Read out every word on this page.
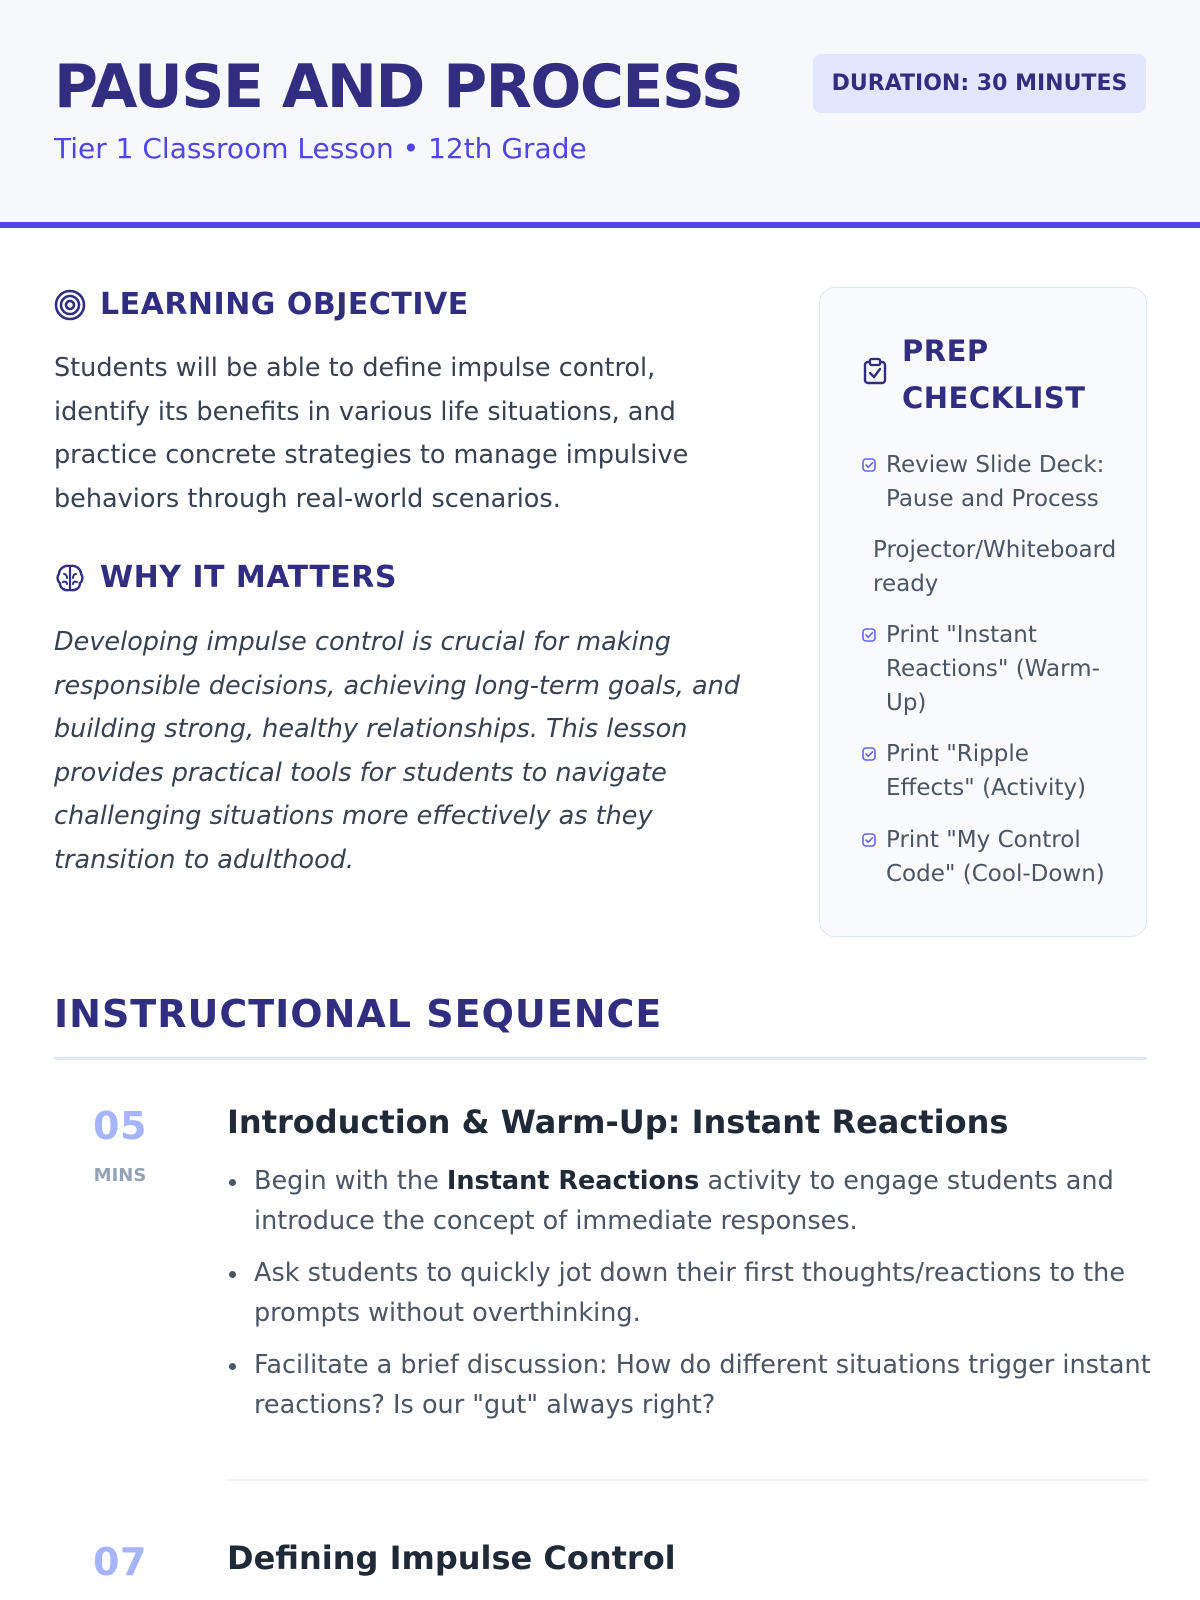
PAUSE AND PROCESS
Tier 1 Classroom Lesson • 12th Grade
DURATION: 30 MINUTES
LEARNING OBJECTIVE

Students will be able to define impulse control, identify its benefits in various life situations, and practice concrete strategies to manage impulsive behaviors through real-world scenarios.

WHY IT MATTERS

Developing impulse control is crucial for making responsible decisions, achieving long-term goals, and building strong, healthy relationships. This lesson provides practical tools for students to navigate challenging situations more effectively as they transition to adulthood.

PREP CHECKLIST
Review Slide Deck: Pause and Process
Projector/Whiteboard ready
Print "Instant Reactions" (Warm-Up)
Print "Ripple Effects" (Activity)
Print "My Control Code" (Cool-Down)
INSTRUCTIONAL SEQUENCE
05
MINS
Introduction & Warm-Up: Instant Reactions
Begin with the Instant Reactions activity to engage students and introduce the concept of immediate responses.
Ask students to quickly jot down their first thoughts/reactions to the prompts without overthinking.
Facilitate a brief discussion: How do different situations trigger instant reactions? Is our "gut" always right?
07	Defining Impulse Control
